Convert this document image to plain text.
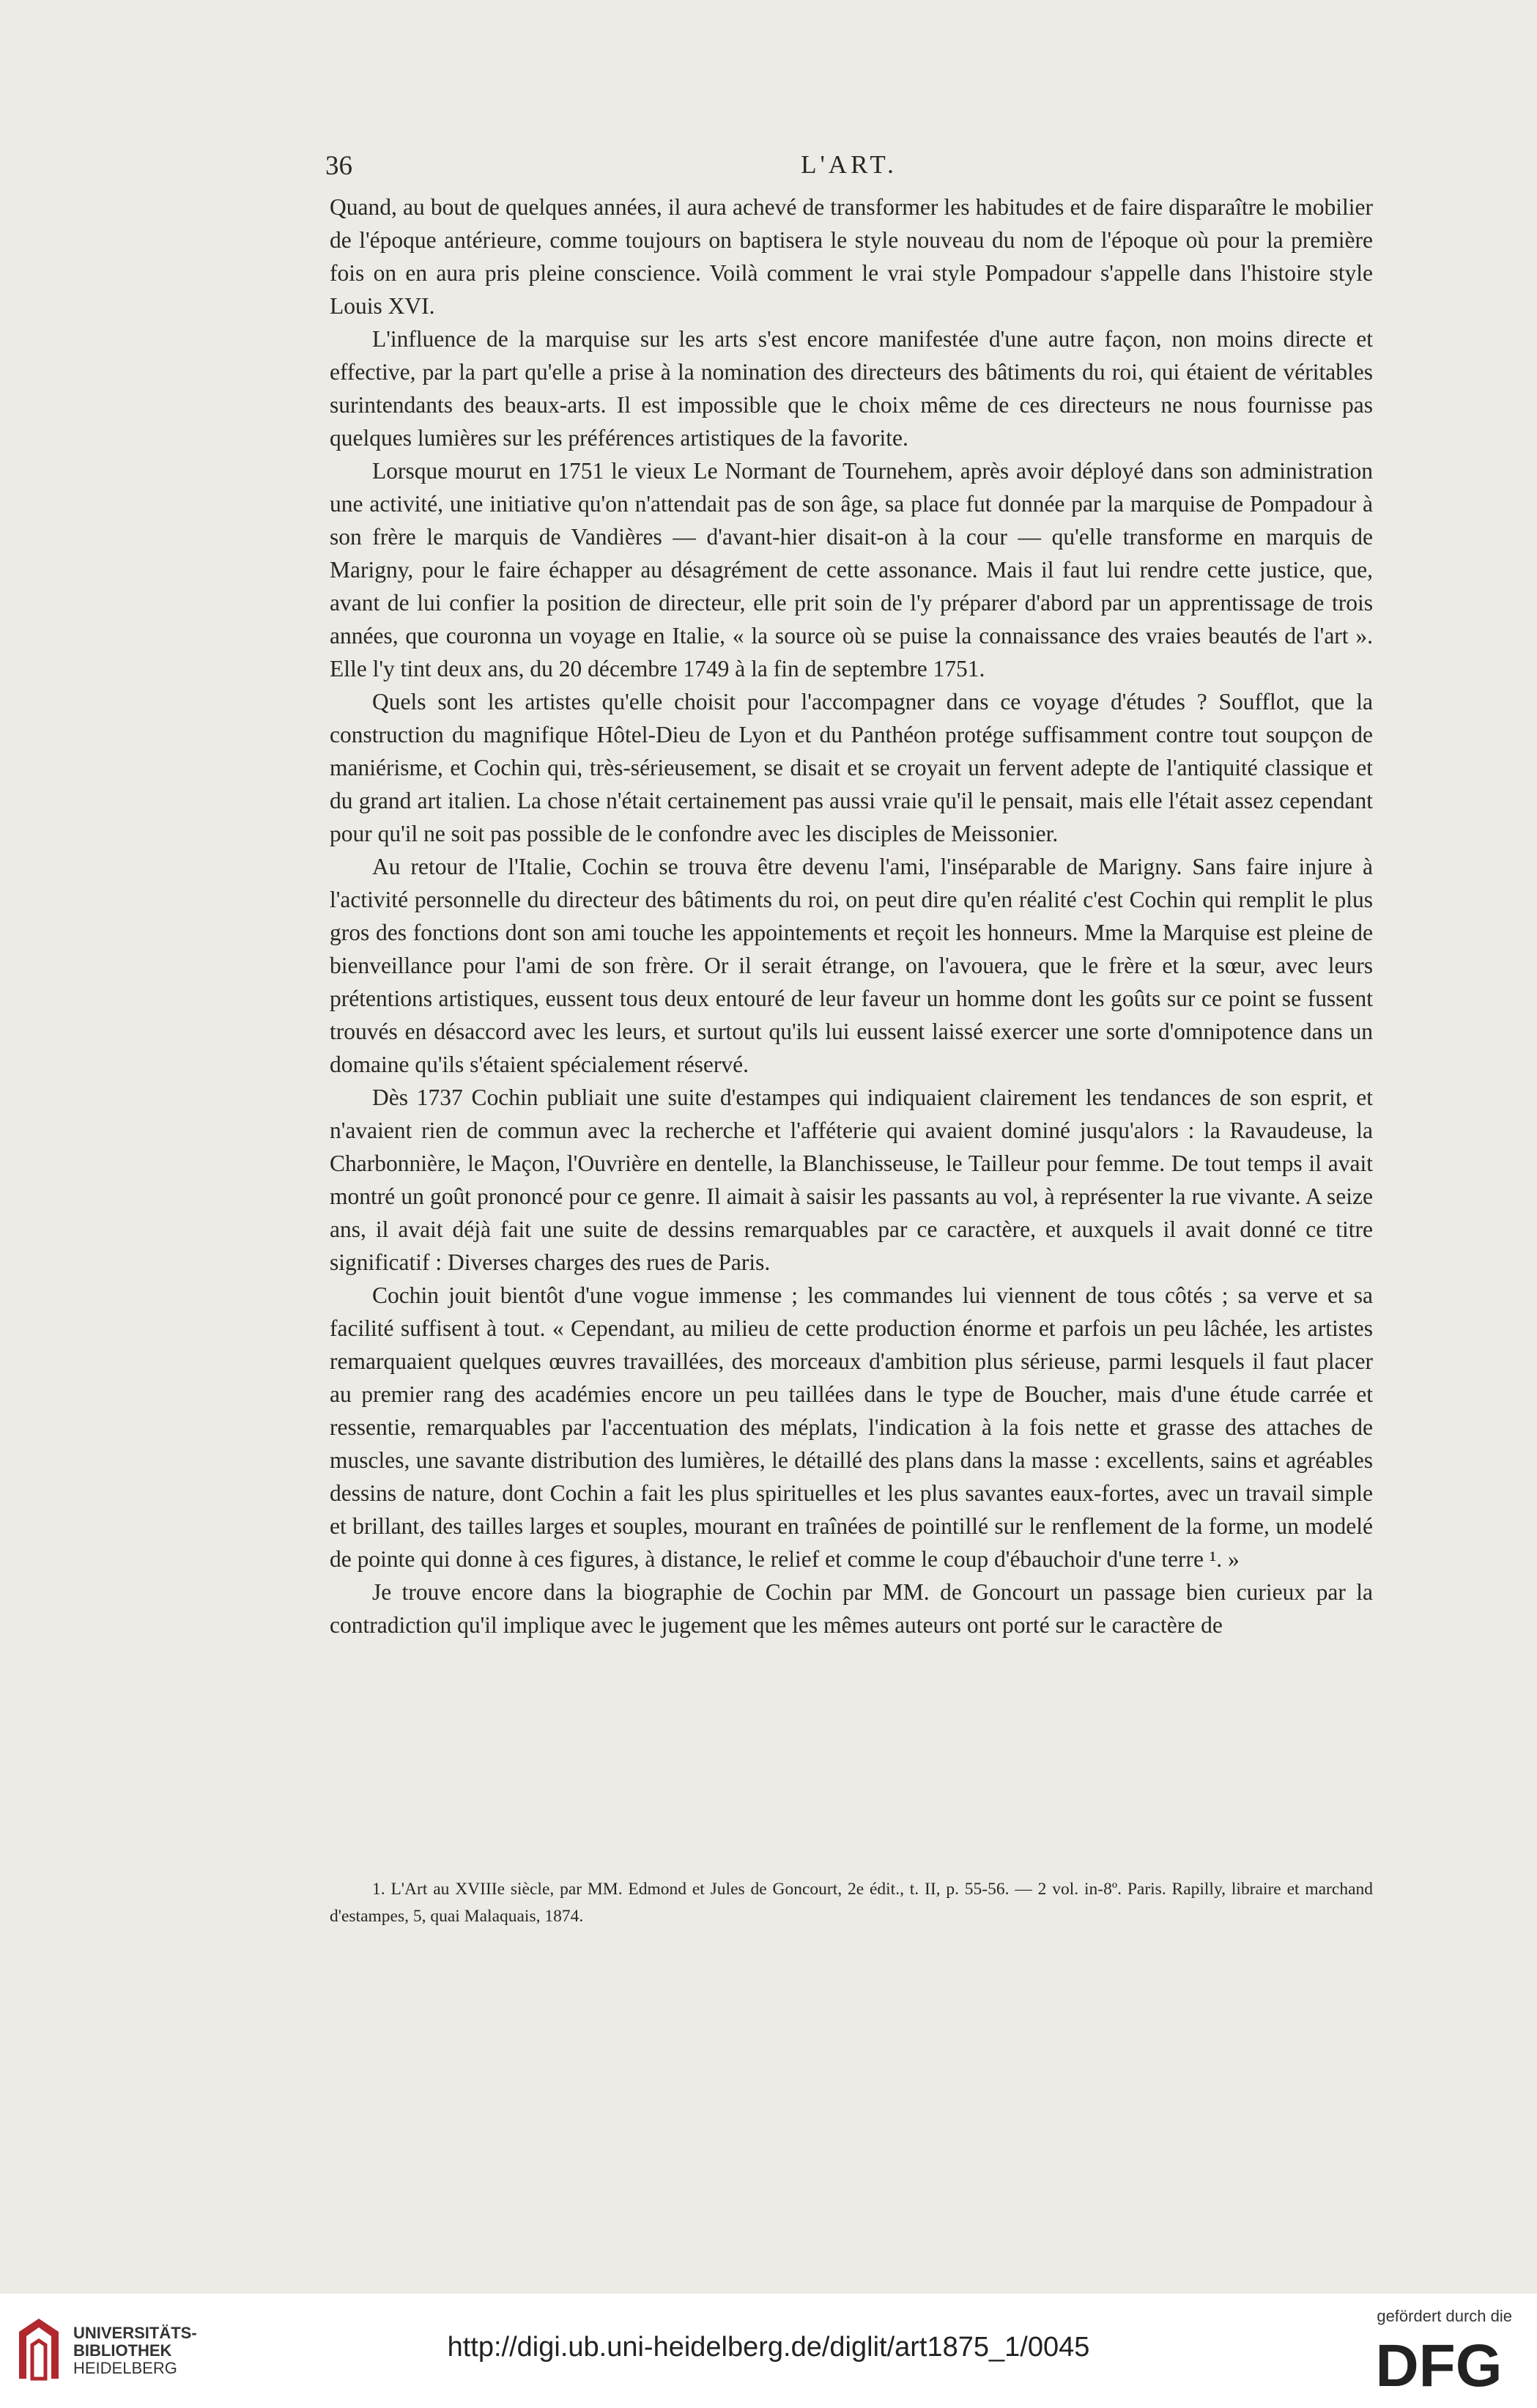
36	L'ART.

Quand, au bout de quelques années, il aura achevé de transformer les habitudes et de faire disparaître le mobilier de l'époque antérieure, comme toujours on baptisera le style nouveau du nom de l'époque où pour la première fois on en aura pris pleine conscience. Voilà comment le vrai style Pompadour s'appelle dans l'histoire style Louis XVI.

L'influence de la marquise sur les arts s'est encore manifestée d'une autre façon, non moins directe et effective, par la part qu'elle a prise à la nomination des directeurs des bâtiments du roi, qui étaient de véritables surintendants des beaux-arts. Il est impossible que le choix même de ces directeurs ne nous fournisse pas quelques lumières sur les préférences artistiques de la favorite.

Lorsque mourut en 1751 le vieux Le Normant de Tournehem, après avoir déployé dans son administration une activité, une initiative qu'on n'attendait pas de son âge, sa place fut donnée par la marquise de Pompadour à son frère le marquis de Vandières — d'avant-hier disait-on à la cour — qu'elle transforme en marquis de Marigny, pour le faire échapper au désagrément de cette assonance. Mais il faut lui rendre cette justice, que, avant de lui confier la position de directeur, elle prit soin de l'y préparer d'abord par un apprentissage de trois années, que couronna un voyage en Italie, « la source où se puise la connaissance des vraies beautés de l'art ». Elle l'y tint deux ans, du 20 décembre 1749 à la fin de septembre 1751.

Quels sont les artistes qu'elle choisit pour l'accompagner dans ce voyage d'études ? Soufflot, que la construction du magnifique Hôtel-Dieu de Lyon et du Panthéon protége suffisamment contre tout soupçon de maniérisme, et Cochin qui, très-sérieusement, se disait et se croyait un fervent adepte de l'antiquité classique et du grand art italien. La chose n'était certainement pas aussi vraie qu'il le pensait, mais elle l'était assez cependant pour qu'il ne soit pas possible de le confondre avec les disciples de Meissonier.

Au retour de l'Italie, Cochin se trouva être devenu l'ami, l'inséparable de Marigny. Sans faire injure à l'activité personnelle du directeur des bâtiments du roi, on peut dire qu'en réalité c'est Cochin qui remplit le plus gros des fonctions dont son ami touche les appointements et reçoit les honneurs. Mme la Marquise est pleine de bienveillance pour l'ami de son frère. Or il serait étrange, on l'avouera, que le frère et la sœur, avec leurs prétentions artistiques, eussent tous deux entouré de leur faveur un homme dont les goûts sur ce point se fussent trouvés en désaccord avec les leurs, et surtout qu'ils lui eussent laissé exercer une sorte d'omnipotence dans un domaine qu'ils s'étaient spécialement réservé.

Dès 1737 Cochin publiait une suite d'estampes qui indiquaient clairement les tendances de son esprit, et n'avaient rien de commun avec la recherche et l'afféterie qui avaient dominé jusqu'alors : la Ravaudeuse, la Charbonnière, le Maçon, l'Ouvrière en dentelle, la Blanchisseuse, le Tailleur pour femme. De tout temps il avait montré un goût prononcé pour ce genre. Il aimait à saisir les passants au vol, à représenter la rue vivante. A seize ans, il avait déjà fait une suite de dessins remarquables par ce caractère, et auxquels il avait donné ce titre significatif : Diverses charges des rues de Paris.

Cochin jouit bientôt d'une vogue immense ; les commandes lui viennent de tous côtés ; sa verve et sa facilité suffisent à tout. « Cependant, au milieu de cette production énorme et parfois un peu lâchée, les artistes remarquaient quelques œuvres travaillées, des morceaux d'ambition plus sérieuse, parmi lesquels il faut placer au premier rang des académies encore un peu taillées dans le type de Boucher, mais d'une étude carrée et ressentie, remarquables par l'accentuation des méplats, l'indication à la fois nette et grasse des attaches de muscles, une savante distribution des lumières, le détaillé des plans dans la masse : excellents, sains et agréables dessins de nature, dont Cochin a fait les plus spirituelles et les plus savantes eaux-fortes, avec un travail simple et brillant, des tailles larges et souples, mourant en traînées de pointillé sur le renflement de la forme, un modelé de pointe qui donne à ces figures, à distance, le relief et comme le coup d'ébauchoir d'une terre ¹. »

Je trouve encore dans la biographie de Cochin par MM. de Goncourt un passage bien curieux par la contradiction qu'il implique avec le jugement que les mêmes auteurs ont porté sur le caractère de

1. L'Art au XVIIIe siècle, par MM. Edmond et Jules de Goncourt, 2e édit., t. II, p. 55-56. — 2 vol. in-8º. Paris. Rapilly, libraire et marchand d'estampes, 5, quai Malaquais, 1874.
UNIVERSITÄTS-
BIBLIOTHEK
HEIDELBERG
http://digi.ub.uni-heidelberg.de/diglit/art1875_1/0045
gefördert durch die
DFG
